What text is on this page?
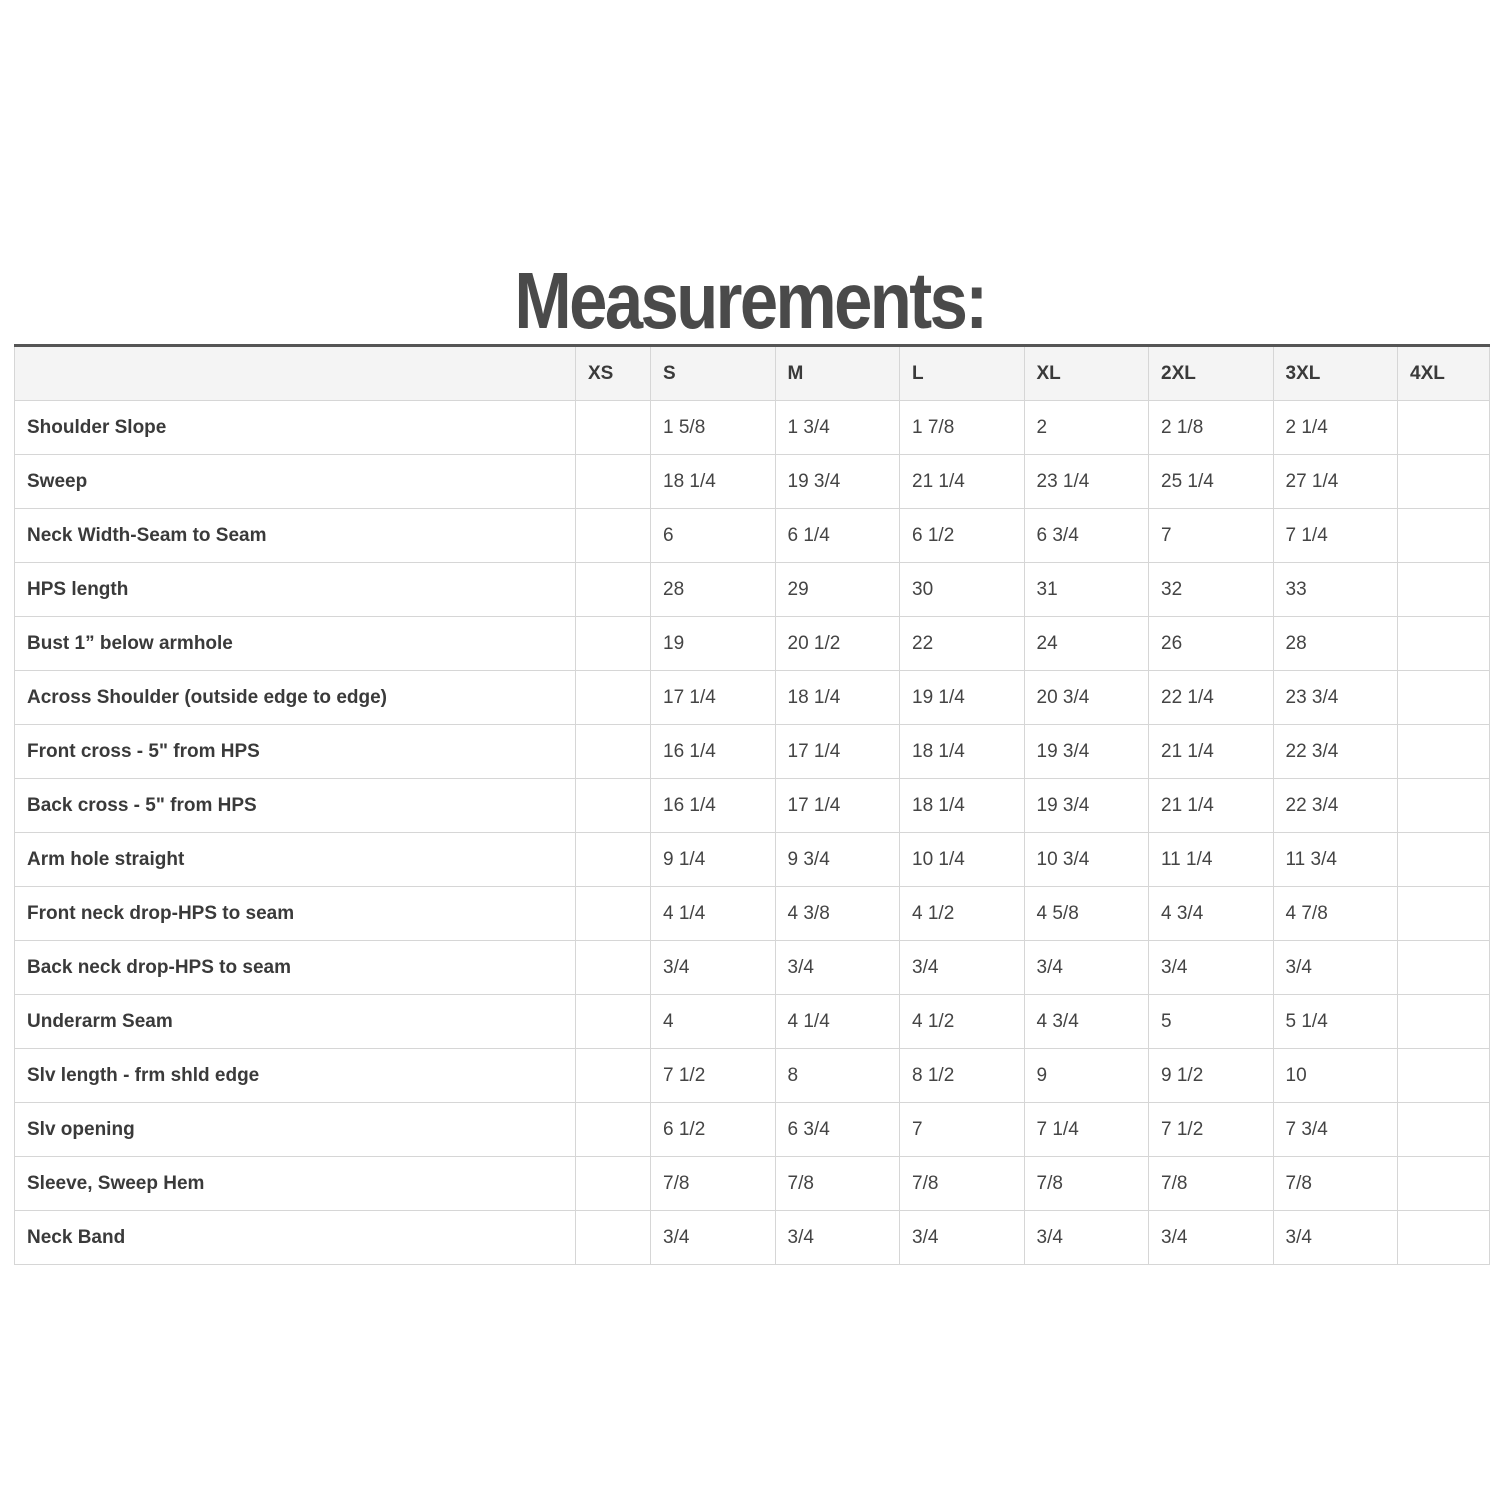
Measurements:
	XS	S	M	L	XL	2XL	3XL	4XL
Shoulder Slope		1 5/8	1 3/4	1 7/8	2	2 1/8	2 1/4	
Sweep		18 1/4	19 3/4	21 1/4	23 1/4	25 1/4	27 1/4	
Neck Width-Seam to Seam		6	6 1/4	6 1/2	6 3/4	7	7 1/4	
HPS length		28	29	30	31	32	33	
Bust 1” below armhole		19	20 1/2	22	24	26	28	
Across Shoulder (outside edge to edge)		17 1/4	18 1/4	19 1/4	20 3/4	22 1/4	23 3/4	
Front cross - 5" from HPS		16 1/4	17 1/4	18 1/4	19 3/4	21 1/4	22 3/4	
Back cross - 5" from HPS		16 1/4	17 1/4	18 1/4	19 3/4	21 1/4	22 3/4	
Arm hole straight		9 1/4	9 3/4	10 1/4	10 3/4	11 1/4	11 3/4	
Front neck drop-HPS to seam		4 1/4	4 3/8	4 1/2	4 5/8	4 3/4	4 7/8	
Back neck drop-HPS to seam		3/4	3/4	3/4	3/4	3/4	3/4	
Underarm Seam		4	4 1/4	4 1/2	4 3/4	5	5 1/4	
Slv length - frm shld edge		7 1/2	8	8 1/2	9	9 1/2	10	
Slv opening		6 1/2	6 3/4	7	7 1/4	7 1/2	7 3/4	
Sleeve, Sweep Hem		7/8	7/8	7/8	7/8	7/8	7/8	
Neck Band		3/4	3/4	3/4	3/4	3/4	3/4	
